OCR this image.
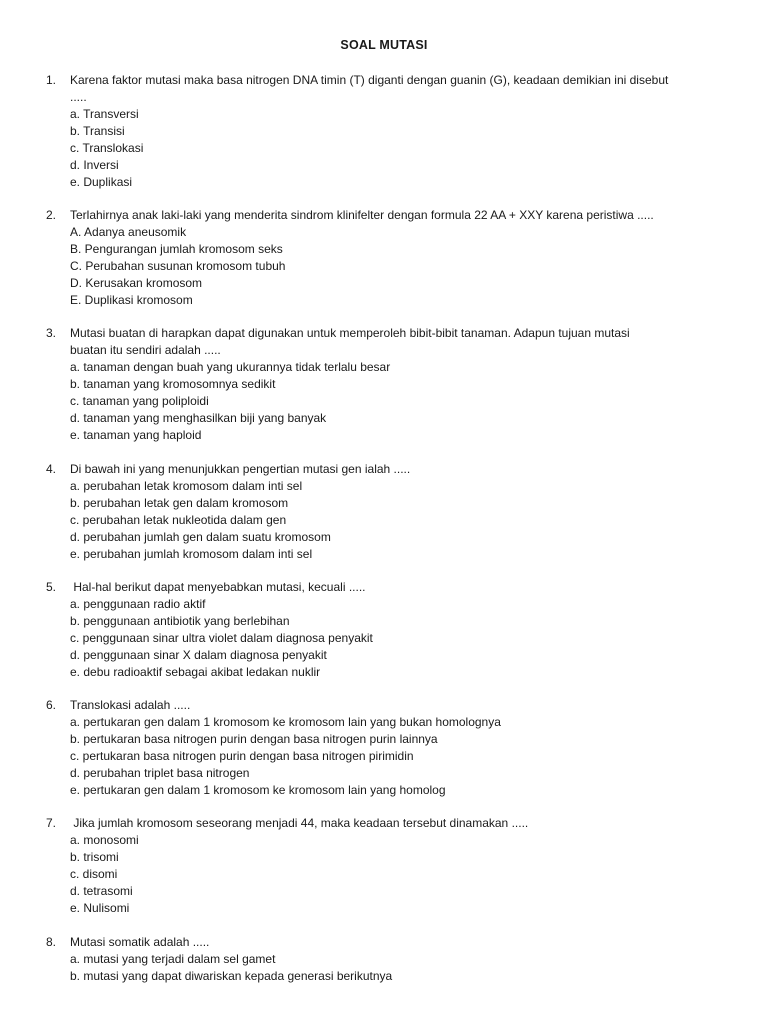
SOAL MUTASI
1. Karena faktor mutasi maka basa nitrogen DNA timin (T) diganti dengan guanin (G), keadaan demikian ini disebut
.....
a. Transversi
b. Transisi
c. Translokasi
d. Inversi
e. Duplikasi
2. Terlahirnya anak laki-laki yang menderita sindrom klinifelter dengan formula 22 AA + XXY karena peristiwa .....
A. Adanya aneusomik
B. Pengurangan jumlah kromosom seks
C. Perubahan susunan kromosom tubuh
D. Kerusakan kromosom
E. Duplikasi kromosom
3. Mutasi buatan di harapkan dapat digunakan untuk memperoleh bibit-bibit tanaman. Adapun tujuan mutasi
buatan itu sendiri adalah .....
a. tanaman dengan buah yang ukurannya tidak terlalu besar
b. tanaman yang kromosomnya sedikit
c. tanaman yang poliploidi
d. tanaman yang menghasilkan biji yang banyak
e. tanaman yang haploid
4. Di bawah ini yang menunjukkan pengertian mutasi gen ialah .....
a. perubahan letak kromosom dalam inti sel
b. perubahan letak gen dalam kromosom
c. perubahan letak nukleotida dalam gen
d. perubahan jumlah gen dalam suatu kromosom
e. perubahan jumlah kromosom dalam inti sel
5. Hal-hal berikut dapat menyebabkan mutasi, kecuali .....
a. penggunaan radio aktif
b. penggunaan antibiotik yang berlebihan
c. penggunaan sinar ultra violet dalam diagnosa penyakit
d. penggunaan sinar X dalam diagnosa penyakit
e. debu radioaktif sebagai akibat ledakan nuklir
6. Translokasi adalah .....
a. pertukaran gen dalam 1 kromosom ke kromosom lain yang bukan homolognya
b. pertukaran basa nitrogen purin dengan basa nitrogen purin lainnya
c. pertukaran basa nitrogen purin dengan basa nitrogen pirimidin
d. perubahan triplet basa nitrogen
e. pertukaran gen dalam 1 kromosom ke kromosom lain yang homolog
7. Jika jumlah kromosom seseorang menjadi 44, maka keadaan tersebut dinamakan .....
a. monosomi
b. trisomi
c. disomi
d. tetrasomi
e. Nulisomi
8. Mutasi somatik adalah .....
a. mutasi yang terjadi dalam sel gamet
b. mutasi yang dapat diwariskan kepada generasi berikutnya
